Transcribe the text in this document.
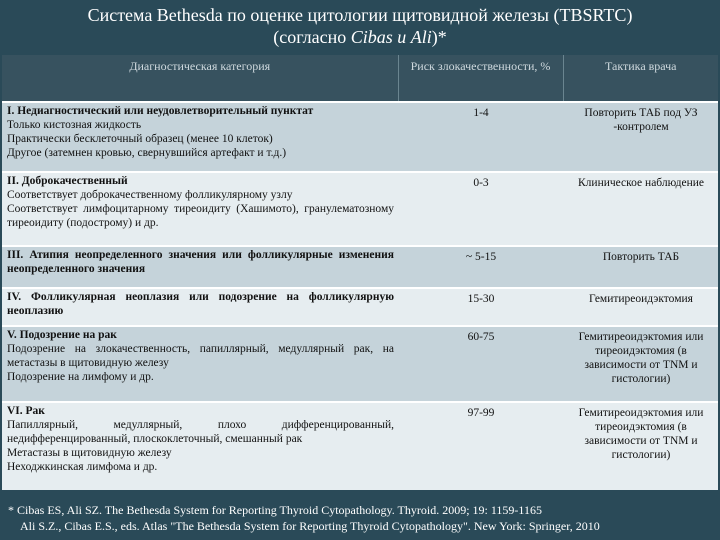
Система Bethesda по оценке цитологии щитовидной железы (TBSRTC)
(согласно Cibas и Ali)*
Диагностическая категория	Риск злокачественности, %	Тактика врача

I. Недиагностический или неудовлетворительный пунктат
Только кистозная жидкость
Практически бесклеточный образец (менее 10 клеток)
Другое (затемнен кровью, свернувшийся артефакт и т.д.)	1-4	Повторить ТАБ под УЗ -контролем

II. Доброкачественный
Соответствует доброкачественному фолликулярному узлу
Соответствует лимфоцитарному тиреоидиту (Хашимото), гранулематозному тиреоидиту (подострому) и др.	0-3	Клиническое наблюдение

III. Атипия неопределенного значения или фолликулярные изменения неопределенного значения	~ 5-15	Повторить ТАБ

IV. Фолликулярная неоплазия или подозрение на фолликулярную неоплазию	15-30	Гемитиреоидэктомия

V. Подозрение на рак
Подозрение на злокачественность, папиллярный, медуллярный рак, на метастазы в щитовидную железу
Подозрение на лимфому и др.	60-75	Гемитиреоидэктомия или тиреоидэктомия (в зависимости от TNM и гистологии)

VI. Рак
Папиллярный, медуллярный, плохо дифференцированный, недифференцированный, плоскоклеточный, смешанный рак
Метастазы в щитовидную железу
Неходжкинская лимфома и др.	97-99	Гемитиреоидэктомия или тиреоидэктомия (в зависимости от TNM и гистологии)
* Cibas ES, Ali SZ. The Bethesda System for Reporting Thyroid Cytopathology. Thyroid. 2009; 19: 1159-1165
Ali S.Z., Cibas E.S., eds. Atlas "The Bethesda System for Reporting Thyroid Cytopathology". New York: Springer, 2010
